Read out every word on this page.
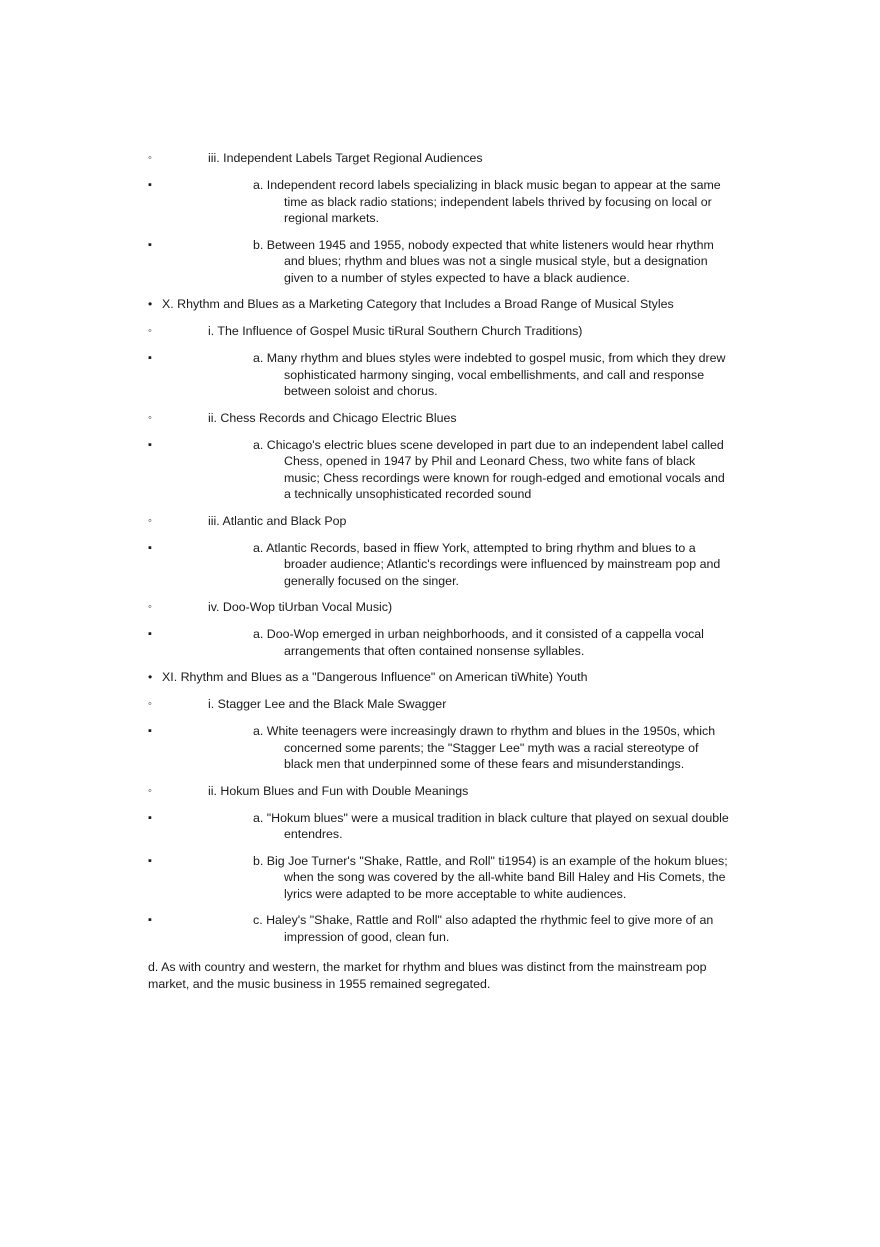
◦	iii. Independent Labels Target Regional Audiences
▪	a. Independent record labels specializing in black music began to appear at the same time as black radio stations; independent labels thrived by focusing on local or regional markets.
▪	b. Between 1945 and 1955, nobody expected that white listeners would hear rhythm and blues; rhythm and blues was not a single musical style, but a designation given to a number of styles expected to have a black audience.
• X. Rhythm and Blues as a Marketing Category that Includes a Broad Range of Musical Styles
◦	i. The Influence of Gospel Music tiRural Southern Church Traditions)
▪	a. Many rhythm and blues styles were indebted to gospel music, from which they drew sophisticated harmony singing, vocal embellishments, and call and response between soloist and chorus.
◦	ii. Chess Records and Chicago Electric Blues
▪	a. Chicago's electric blues scene developed in part due to an independent label called Chess, opened in 1947 by Phil and Leonard Chess, two white fans of black music; Chess recordings were known for rough-edged and emotional vocals and a technically unsophisticated recorded sound
◦	iii. Atlantic and Black Pop
▪	a. Atlantic Records, based in ffiew York, attempted to bring rhythm and blues to a broader audience; Atlantic's recordings were influenced by mainstream pop and generally focused on the singer.
◦	iv. Doo-Wop tiUrban Vocal Music)
▪	a. Doo-Wop emerged in urban neighborhoods, and it consisted of a cappella vocal arrangements that often contained nonsense syllables.
• XI. Rhythm and Blues as a "Dangerous Influence" on American tiWhite) Youth
◦	i. Stagger Lee and the Black Male Swagger
▪	a. White teenagers were increasingly drawn to rhythm and blues in the 1950s, which concerned some parents; the "Stagger Lee" myth was a racial stereotype of black men that underpinned some of these fears and misunderstandings.
◦	ii. Hokum Blues and Fun with Double Meanings
▪	a. "Hokum blues" were a musical tradition in black culture that played on sexual double entendres.
▪	b. Big Joe Turner's "Shake, Rattle, and Roll" ti1954) is an example of the hokum blues; when the song was covered by the all-white band Bill Haley and His Comets, the lyrics were adapted to be more acceptable to white audiences.
▪	c. Haley's "Shake, Rattle and Roll" also adapted the rhythmic feel to give more of an impression of good, clean fun.
d. As with country and western, the market for rhythm and blues was distinct from the mainstream pop market, and the music business in 1955 remained segregated.
